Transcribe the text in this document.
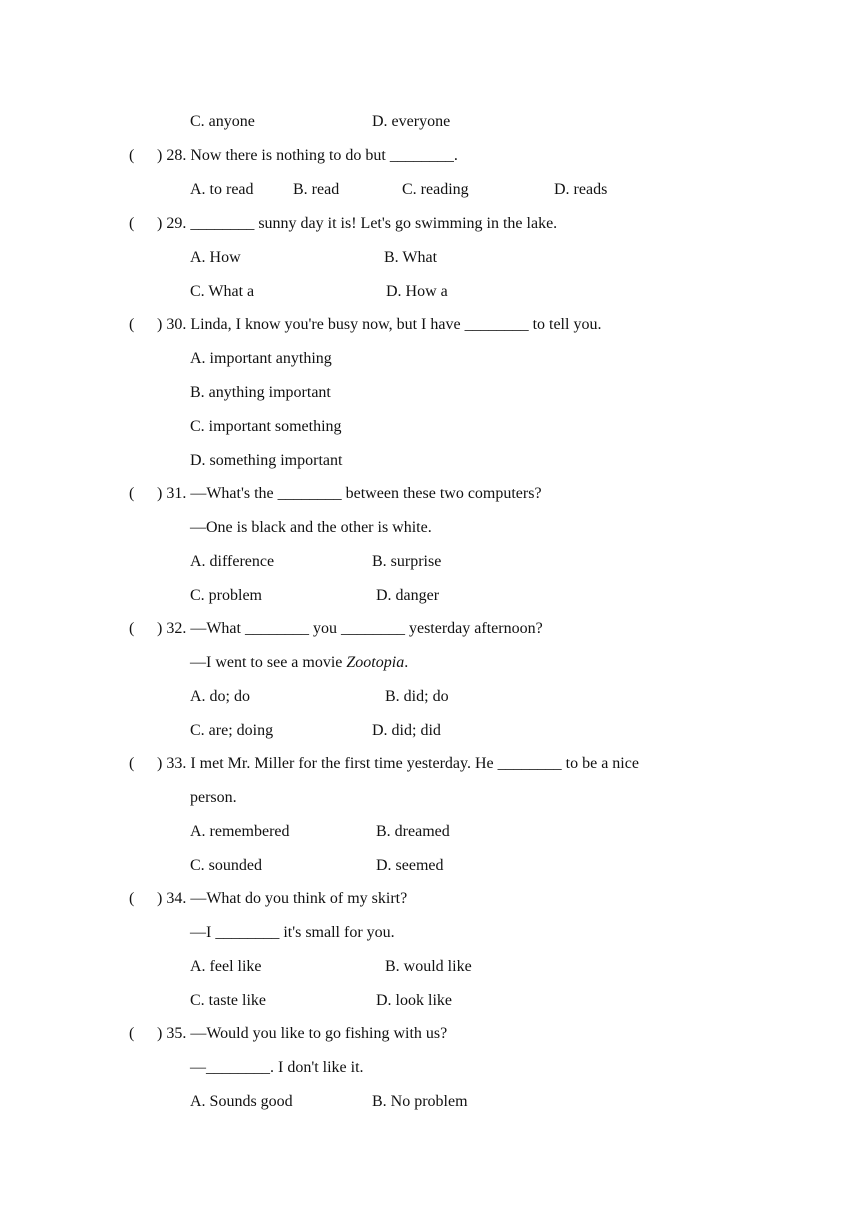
C. anyone	D. everyone
( ) 28. Now there is nothing to do but ________.
A. to read B. read	C. reading	D. reads
( ) 29. ________ sunny day it is! Let's go swimming in the lake.
A. How	B. What
C. What a	D. How a
( ) 30. Linda, I know you're busy now, but I have ________ to tell you.
A. important anything
B. anything important
C. important something
D. something important
( ) 31. —What's the ________ between these two computers?
—One is black and the other is white.
A. difference	B. surprise
C. problem	D. danger
( ) 32. —What ________ you ________ yesterday afternoon?
—I went to see a movie Zootopia.
A. do; do	B. did; do
C. are; doing	D. did; did
( ) 33. I met Mr. Miller for the first time yesterday. He ________ to be a nice
person.
A. remembered	B. dreamed
C. sounded	D. seemed
( ) 34. —What do you think of my skirt?
—I ________ it's small for you.
A. feel like	B. would like
C. taste like	D. look like
( ) 35. —Would you like to go fishing with us?
—________. I don't like it.
A. Sounds good	B. No problem
